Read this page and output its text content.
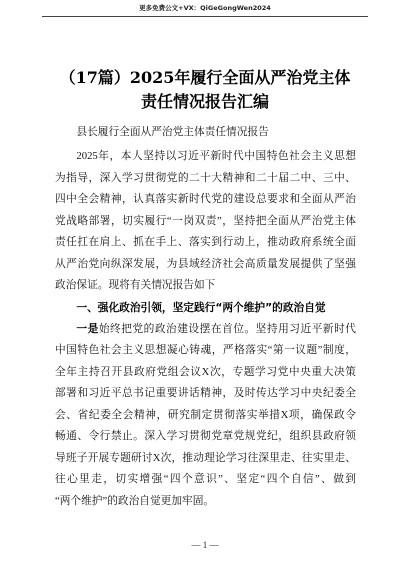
更多免费公文+VX：QiGeGongWen2024
（17篇）2025年履行全面从严治党主体
责任情况报告汇编
县长履行全面从严治党主体责任情况报告
2025年，本人坚持以习近平新时代中国特色社会主义思想
为指导，深入学习贯彻党的二十大精神和二十届二中、三中、
四中全会精神，认真落实新时代党的建设总要求和全面从严治
党战略部署，切实履行“一岗双责”，坚持把全面从严治党主体
责任扛在肩上、抓在手上、落实到行动上，推动政府系统全面
从严治党向纵深发展，为县域经济社会高质量发展提供了坚强
政治保证。现将有关情况报告如下
一、强化政治引领，坚定践行“两个维护”的政治自觉
一是始终把党的政治建设摆在首位。坚持用习近平新时代
中国特色社会主义思想凝心铸魂，严格落实“第一议题”制度，
全年主持召开县政府党组会议X次，专题学习党中央重大决策
部署和习近平总书记重要讲话精神，及时传达学习中央纪委全
会、省纪委全会精神，研究制定贯彻落实举措X项，确保政令
畅通、令行禁止。深入学习贯彻党章党规党纪，组织县政府领
导班子开展专题研讨X次，推动理论学习往深里走、往实里走、
往心里走，切实增强“四个意识”、坚定“四个自信”、做到
“两个维护”的政治自觉更加牢固。
— 1 —
